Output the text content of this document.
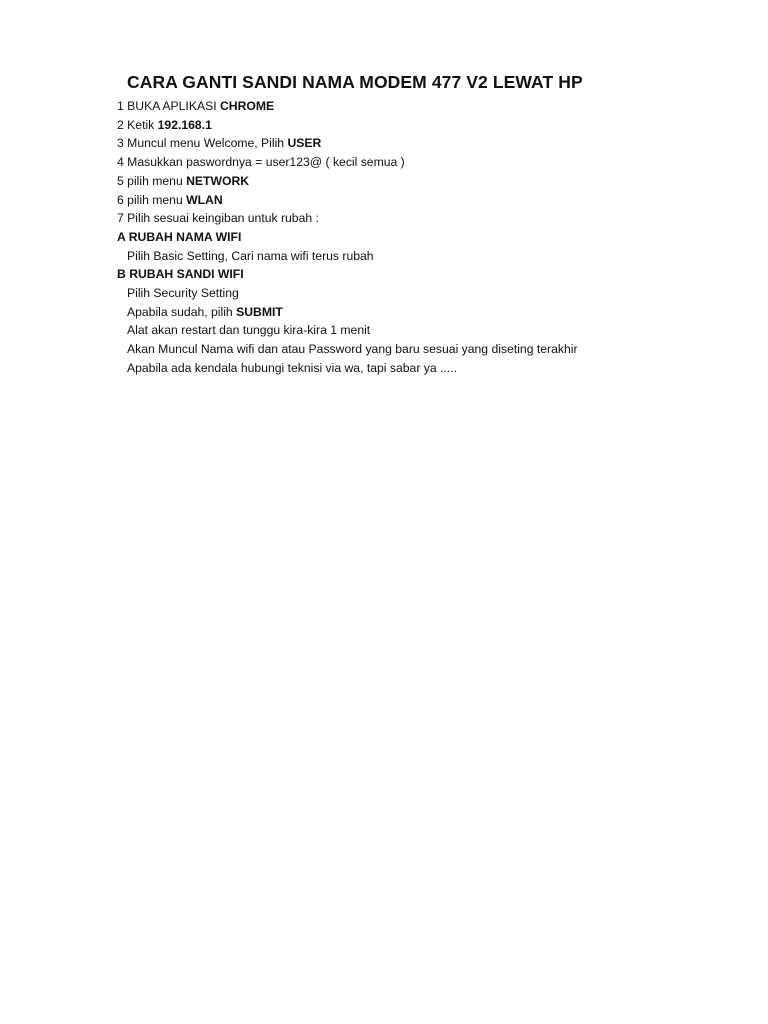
CARA GANTI SANDI NAMA MODEM 477 V2 LEWAT HP
1 BUKA APLIKASI CHROME
2 Ketik 192.168.1
3 Muncul menu Welcome, Pilih USER
4 Masukkan paswordnya = user123@ ( kecil semua )
5 pilih menu NETWORK
6 pilih menu WLAN
7 Pilih sesuai keingiban untuk rubah :
A RUBAH NAMA WIFI
Pilih Basic Setting, Cari nama wifi terus rubah
B RUBAH SANDI WIFI
Pilih Security Setting
Apabila sudah, pilih SUBMIT
Alat akan restart dan tunggu kira-kira 1 menit
Akan Muncul Nama wifi dan atau Password yang baru sesuai yang diseting terakhir
Apabila ada kendala hubungi teknisi via wa, tapi sabar ya .....
